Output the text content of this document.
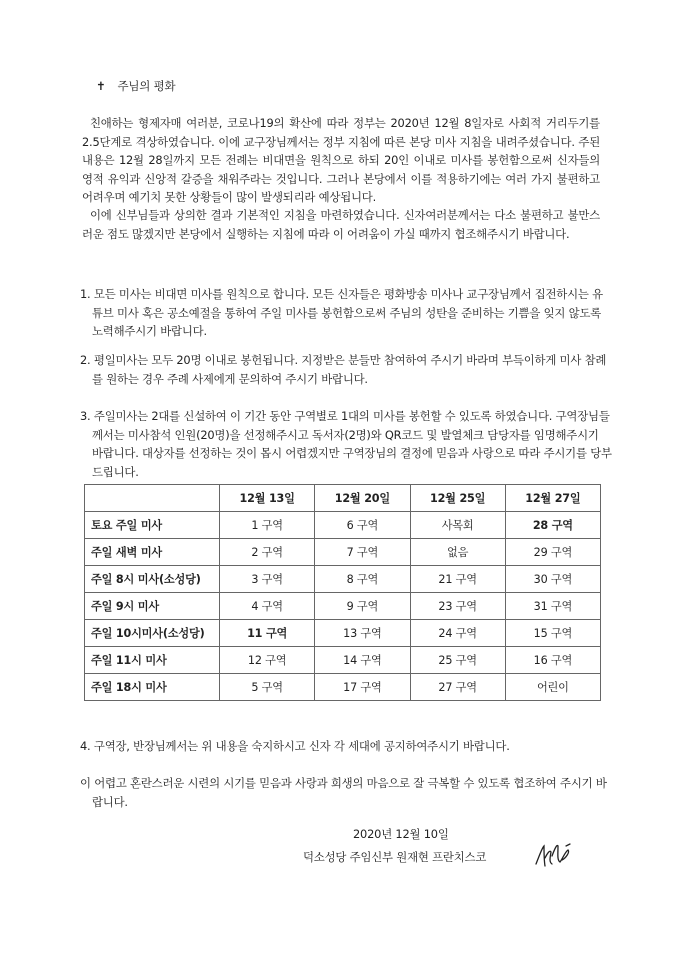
✝ 주님의 평화

친애하는 형제자매 여러분, 코로나19의 확산에 따라 정부는 2020년 12월 8일자로 사회적 거리두기를 2.5단계로 격상하였습니다. 이에 교구장님께서는 정부 지침에 따른 본당 미사 지침을 내려주셨습니다. 주된 내용은 12월 28일까지 모든 전례는 비대면을 원칙으로 하되 20인 이내로 미사를 봉헌함으로써 신자들의 영적 유익과 신앙적 갈증을 채워주라는 것입니다. 그러나 본당에서 이를 적용하기에는 여러 가지 불편하고 어려우며 예기치 못한 상황들이 많이 발생되리라 예상됩니다.

이에 신부님들과 상의한 결과 기본적인 지침을 마련하였습니다. 신자여러분께서는 다소 불편하고 불만스러운 점도 많겠지만 본당에서 실행하는 지침에 따라 이 어려움이 가실 때까지 협조해주시기 바랍니다.

1. 모든 미사는 비대면 미사를 원칙으로 합니다. 모든 신자들은 평화방송 미사나 교구장님께서 집전하시는 유튜브 미사 혹은 공소예절을 통하여 주일 미사를 봉헌함으로써 주님의 성탄을 준비하는 기쁨을 잊지 않도록 노력해주시기 바랍니다.

2. 평일미사는 모두 20명 이내로 봉헌됩니다. 지정받은 분들만 참여하여 주시기 바라며 부득이하게 미사 참례를 원하는 경우 주례 사제에게 문의하여 주시기 바랍니다.

3. 주일미사는 2대를 신설하여 이 기간 동안 구역별로 1대의 미사를 봉헌할 수 있도록 하였습니다. 구역장님들께서는 미사참석 인원(20명)을 선정해주시고 독서자(2명)와 QR코드 및 발열체크 담당자를 임명해주시기 바랍니다. 대상자를 선정하는 것이 몹시 어렵겠지만 구역장님의 결정에 믿음과 사랑으로 따라 주시기를 당부 드립니다.

	12월 13일	12월 20일	12월 25일	12월 27일
토요 주일 미사	1 구역	6 구역	사목회	28 구역
주일 새벽 미사	2 구역	7 구역	없음	29 구역
주일 8시 미사(소성당)	3 구역	8 구역	21 구역	30 구역
주일 9시 미사	4 구역	9 구역	23 구역	31 구역
주일 10시미사(소성당)	11 구역	13 구역	24 구역	15 구역
주일 11시 미사	12 구역	14 구역	25 구역	16 구역
주일 18시 미사	5 구역	17 구역	27 구역	어린이

4. 구역장, 반장님께서는 위 내용을 숙지하시고 신자 각 세대에 공지하여주시기 바랍니다.

이 어렵고 혼란스러운 시련의 시기를 믿음과 사랑과 희생의 마음으로 잘 극복할 수 있도록 협조하여 주시기 바랍니다.

2020년 12월 10일
덕소성당 주임신부 원재현 프란치스코
